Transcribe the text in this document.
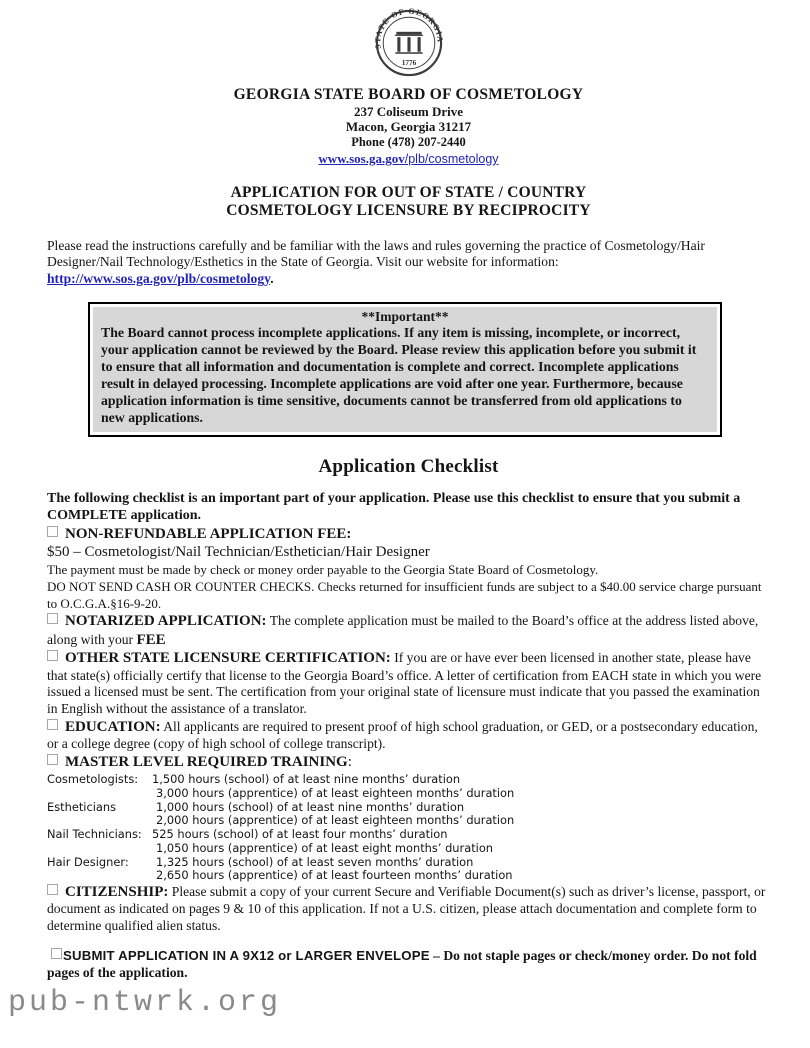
STATE OF GEORGIA
1776
GEORGIA STATE BOARD OF COSMETOLOGY
237 Coliseum Drive
Macon, Georgia 31217
Phone (478) 207-2440
www.sos.ga.gov/plb/cosmetology
APPLICATION FOR OUT OF STATE / COUNTRY
COSMETOLOGY LICENSURE BY RECIPROCITY

Please read the instructions carefully and be familiar with the laws and rules governing the practice of Cosmetology/Hair Designer/Nail Technology/Esthetics in the State of Georgia. Visit our website for information:
http://www.sos.ga.gov/plb/cosmetology.

**Important**
The Board cannot process incomplete applications. If any item is missing, incomplete, or incorrect, your application cannot be reviewed by the Board. Please review this application before you submit it to ensure that all information and documentation is complete and correct. Incomplete applications result in delayed processing. Incomplete applications are void after one year. Furthermore, because application information is time sensitive, documents cannot be transferred from old applications to new applications.
Application Checklist

The following checklist is an important part of your application. Please use this checklist to ensure that you submit a COMPLETE application.

NON-REFUNDABLE APPLICATION FEE:
$50 – Cosmetologist/Nail Technician/Esthetician/Hair Designer
The payment must be made by check or money order payable to the Georgia State Board of Cosmetology.
DO NOT SEND CASH OR COUNTER CHECKS. Checks returned for insufficient funds are subject to a $40.00 service charge pursuant to O.C.G.A.§16-9-20.

NOTARIZED APPLICATION: The complete application must be mailed to the Board’s office at the address listed above, along with your FEE

OTHER STATE LICENSURE CERTIFICATION: If you are or have ever been licensed in another state, please have that state(s) officially certify that license to the Georgia Board’s office. A letter of certification from EACH state in which you were issued a licensed must be sent. The certification from your original state of licensure must indicate that you passed the examination in English without the assistance of a translator.

EDUCATION: All applicants are required to present proof of high school graduation, or GED, or a postsecondary education, or a college degree (copy of high school of college transcript).

MASTER LEVEL REQUIRED TRAINING:

Cosmetologists:	1,500 hours (school) of at least nine months’ duration
3,000 hours (apprentice) of at least eighteen months’ duration
Estheticians	1,000 hours (school) of at least nine months’ duration
2,000 hours (apprentice) of at least eighteen months’ duration
Nail Technicians: 525 hours (school) of at least four months’ duration
1,050 hours (apprentice) of at least eight months’ duration
Hair Designer:	1,325 hours (school) of at least seven months’ duration
2,650 hours (apprentice) of at least fourteen months’ duration

CITIZENSHIP: Please submit a copy of your current Secure and Verifiable Document(s) such as driver’s license, passport, or document as indicated on pages 9 & 10 of this application. If not a U.S. citizen, please attach documentation and complete form to determine qualified alien status.

SUBMIT APPLICATION IN A 9X12 or LARGER ENVELOPE – Do not staple pages or check/money order. Do not fold pages of the application.

pub-ntwrk.org
